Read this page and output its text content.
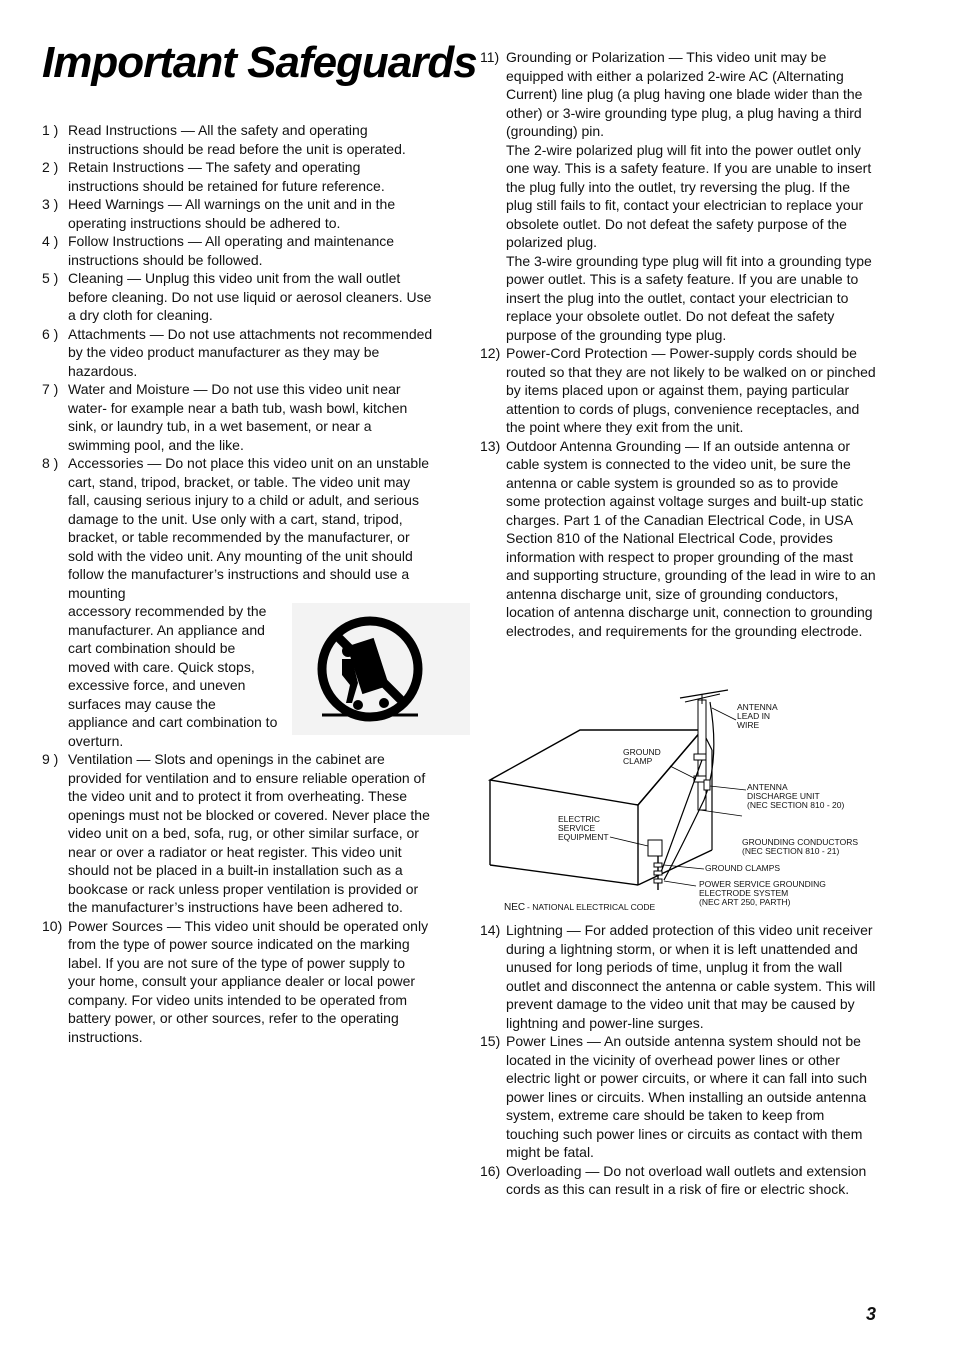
Important Safeguards
1 ) Read Instructions — All the safety and operating instructions should be read before the unit is operated.
2 ) Retain Instructions — The safety and operating instructions should be retained for future reference.
3 ) Heed Warnings — All warnings on the unit and in the operating instructions should be adhered to.
4 ) Follow Instructions — All operating and maintenance instructions should be followed.
5 ) Cleaning — Unplug this video unit from the wall outlet before cleaning. Do not use liquid or aerosol cleaners. Use a dry cloth for cleaning.
6 ) Attachments — Do not use attachments not recommended by the video product manufacturer as they may be hazardous.
7 ) Water and Moisture — Do not use this video unit near water- for example near a bath tub, wash bowl, kitchen sink, or laundry tub, in a wet basement, or near a swimming pool, and the like.
8 ) Accessories — Do not place this video unit on an unstable cart, stand, tripod, bracket, or table. The video unit may fall, causing serious injury to a child or adult, and serious damage to the unit. Use only with a cart, stand, tripod, bracket, or table recommended by the manufacturer, or sold with the video unit. Any mounting of the unit should follow the manufacturer’s instructions and should use a mounting
accessory recommended by the manufacturer. An appliance and cart combination should be moved with care. Quick stops, excessive force, and uneven surfaces may cause the appliance and cart combination to overturn.
9 ) Ventilation — Slots and openings in the cabinet are provided for ventilation and to ensure reliable operation of the video unit and to protect it from overheating. These openings must not be blocked or covered. Never place the video unit on a bed, sofa, rug, or other similar surface, or near or over a radiator or heat register. This video unit should not be placed in a built-in installation such as a bookcase or rack unless proper ventilation is provided or the manufacturer’s instructions have been adhered to.
10) Power Sources — This video unit should be operated only from the type of power source indicated on the marking label. If you are not sure of the type of power supply to your home, consult your appliance dealer or local power company. For video units intended to be operated from battery power, or other sources, refer to the operating instructions.
11) Grounding or Polarization — This video unit may be equipped with either a polarized 2-wire AC (Alternating Current) line plug (a plug having one blade wider than the other) or 3-wire grounding type plug, a plug having a third (grounding) pin.
The 2-wire polarized plug will fit into the power outlet only one way. This is a safety feature. If you are unable to insert the plug fully into the outlet, try reversing the plug. If the plug still fails to fit, contact your electrician to replace your obsolete outlet. Do not defeat the safety purpose of the polarized plug.
The 3-wire grounding type plug will fit into a grounding type power outlet. This is a safety feature. If you are unable to insert the plug into the outlet, contact your electrician to replace your obsolete outlet. Do not defeat the safety purpose of the grounding type plug.
12) Power-Cord Protection — Power-supply cords should be routed so that they are not likely to be walked on or pinched by items placed upon or against them, paying particular attention to cords of plugs, convenience receptacles, and the point where they exit from the unit.
13) Outdoor Antenna Grounding — If an outside antenna or cable system is connected to the video unit, be sure the antenna or cable system is grounded so as to provide some protection against voltage surges and built-up static charges. Part 1 of the Canadian Electrical Code, in USA Section 810 of the National Electrical Code, provides information with respect to proper grounding of the mast and supporting structure, grounding of the lead in wire to an antenna discharge unit, size of grounding conductors, location of antenna discharge unit, connection to grounding electrodes, and requirements for the grounding electrode.
ANTENNA
LEAD IN
WIRE
GROUND
CLAMP
ANTENNA
DISCHARGE UNIT
(NEC SECTION 810 - 20)
ELECTRIC
SERVICE
EQUIPMENT	GROUNDING CONDUCTORS
(NEC SECTION 810 - 21)
GROUND CLAMPS
POWER SERVICE GROUNDING
ELECTRODE SYSTEM
(NEC ART 250, PARTH)
NEC - NATIONAL ELECTRICAL CODE
14) Lightning — For added protection of this video unit receiver during a lightning storm, or when it is left unattended and unused for long periods of time, unplug it from the wall outlet and disconnect the antenna or cable system. This will prevent damage to the video unit that may be caused by lightning and power-line surges.
15) Power Lines — An outside antenna system should not be located in the vicinity of overhead power lines or other electric light or power circuits, or where it can fall into such power lines or circuits. When installing an outside antenna system, extreme care should be taken to keep from touching such power lines or circuits as contact with them might be fatal.
16) Overloading — Do not overload wall outlets and extension cords as this can result in a risk of fire or electric shock.
3
